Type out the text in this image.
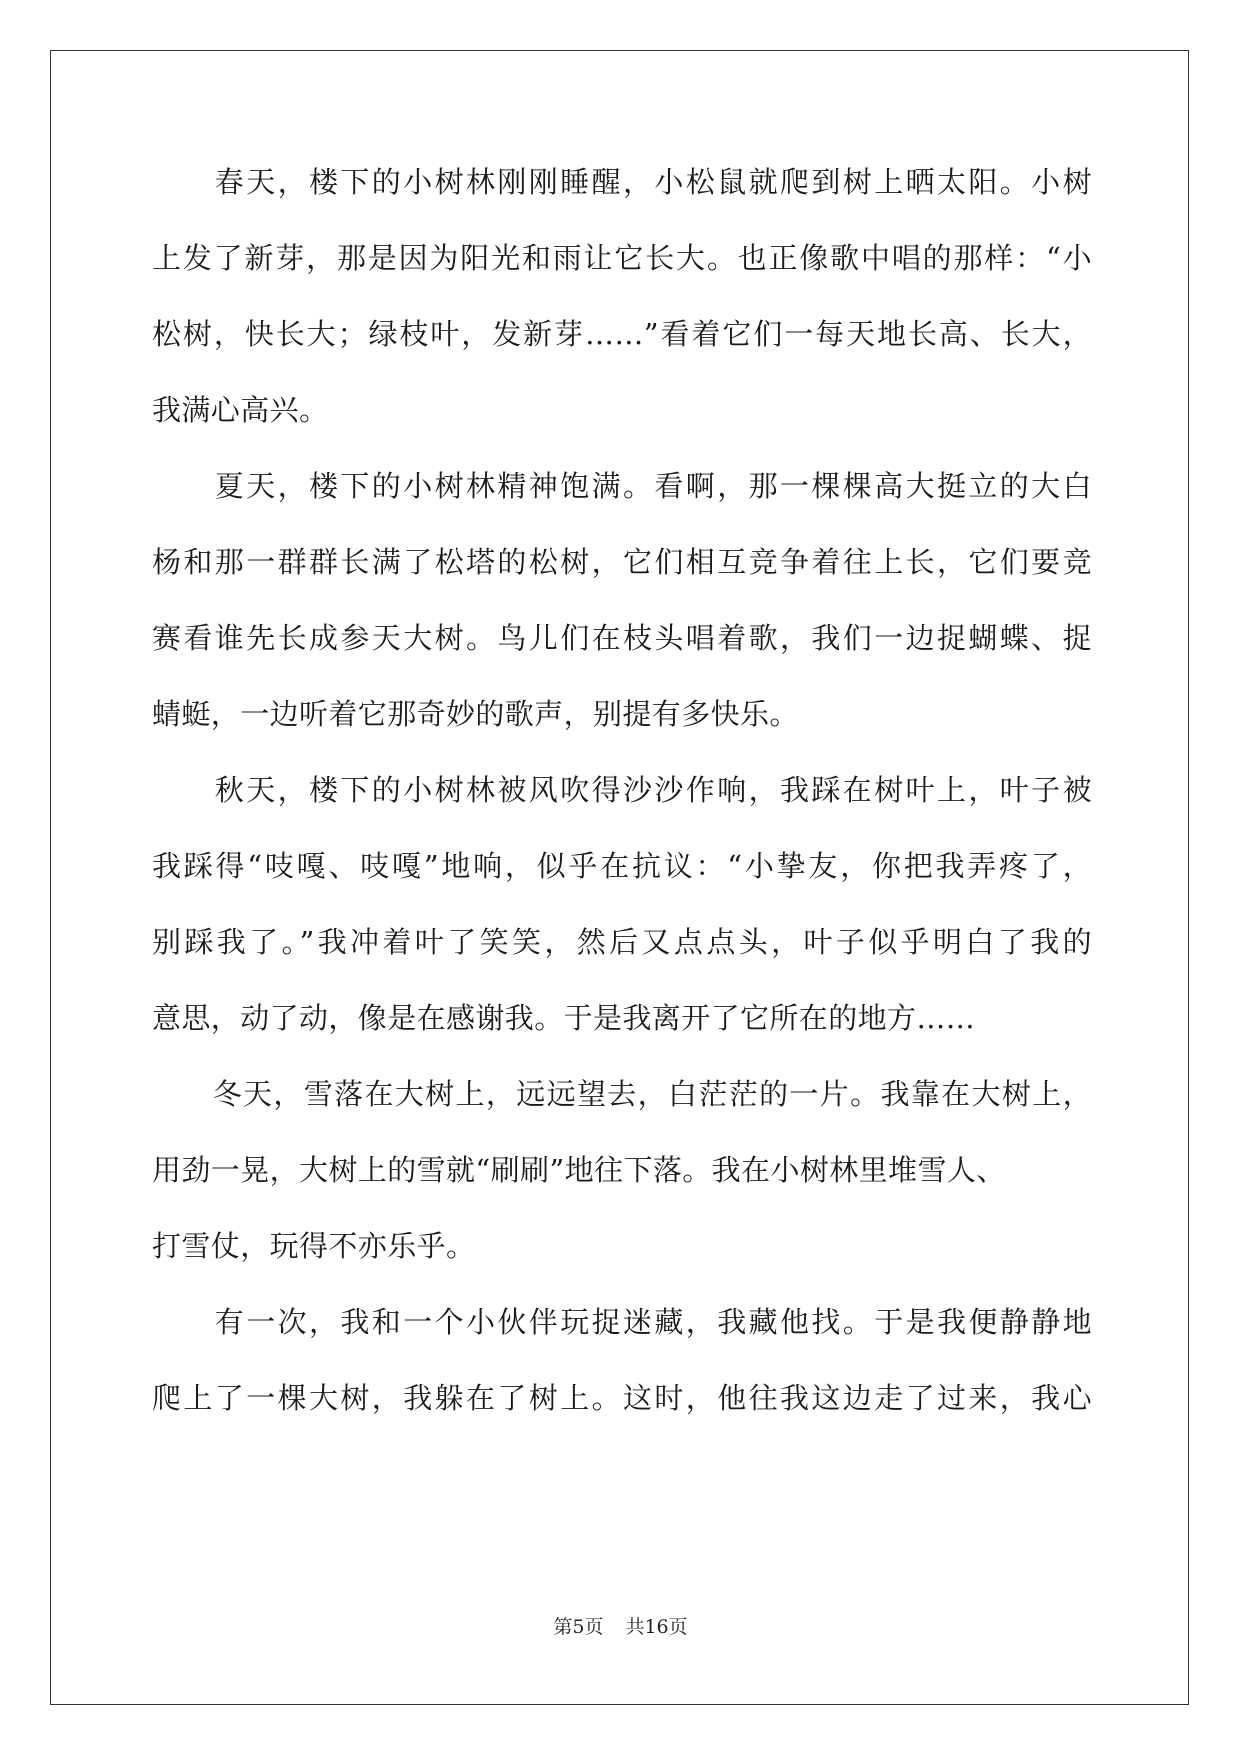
　　春天，楼下的小树林刚刚睡醒，小松鼠就爬到树上晒太阳。小树
上发了新芽，那是因为阳光和雨让它长大。也正像歌中唱的那样：“小
松树，快长大；绿枝叶，发新芽……”看着它们一每天地长高、长大，
我满心高兴。
　　夏天，楼下的小树林精神饱满。看啊，那一棵棵高大挺立的大白
杨和那一群群长满了松塔的松树，它们相互竞争着往上长，它们要竞
赛看谁先长成参天大树。鸟儿们在枝头唱着歌，我们一边捉蝴蝶、捉
蜻蜓，一边听着它那奇妙的歌声，别提有多快乐。
　　秋天，楼下的小树林被风吹得沙沙作响，我踩在树叶上，叶子被
我踩得“吱嘎、吱嘎”地响，似乎在抗议：“小挚友，你把我弄疼了，
别踩我了。”我冲着叶了笑笑，然后又点点头，叶子似乎明白了我的
意思，动了动，像是在感谢我。于是我离开了它所在的地方……
　　冬天，雪落在大树上，远远望去，白茫茫的一片。我靠在大树上，
用劲一晃，大树上的雪就“刷刷”地往下落。我在小树林里堆雪人、
打雪仗，玩得不亦乐乎。
　　有一次，我和一个小伙伴玩捉迷藏，我藏他找。于是我便静静地
爬上了一棵大树，我躲在了树上。这时，他往我这边走了过来，我心
第5页 共16页
